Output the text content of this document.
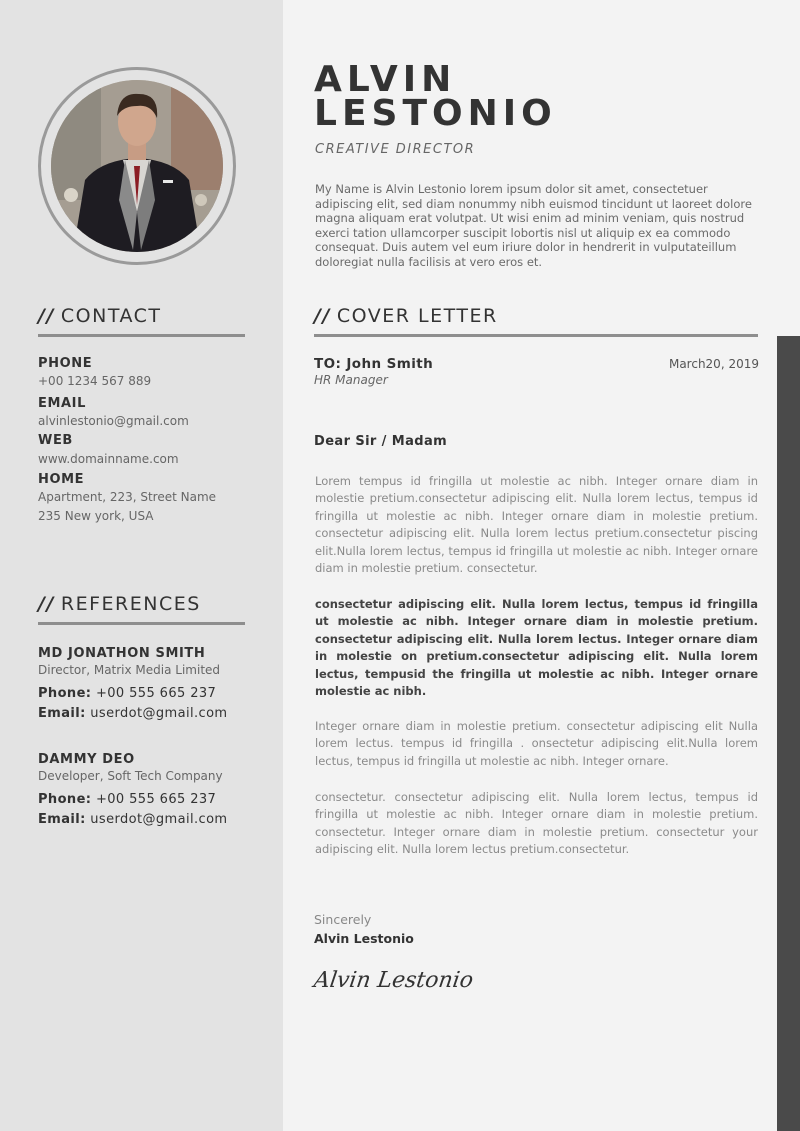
ALVIN
LESTONIO
CREATIVE DIRECTOR
My Name is Alvin Lestonio lorem ipsum dolor sit amet, consectetuer adipiscing elit, sed diam nonummy nibh euismod tincidunt ut laoreet dolore magna aliquam erat volutpat. Ut wisi enim ad minim veniam, quis nostrud exerci tation ullamcorper suscipit lobortis nisl ut aliquip ex ea commodo consequat. Duis autem vel eum iriure dolor in hendrerit in vulputateillum doloregiat nulla facilisis at vero eros et.
// CONTACT
PHONE
+00 1234 567 889
EMAIL
alvinlestonio@gmail.com
WEB
www.domainname.com
HOME
Apartment, 223, Street Name
235 New york, USA
// REFERENCES
MD JONATHON SMITH
Director, Matrix Media Limited
Phone: +00 555 665 237
Email: userdot@gmail.com
DAMMY DEO
Developer, Soft Tech Company
Phone: +00 555 665 237
Email: userdot@gmail.com
// COVER LETTER
TO: John Smith
HR Manager
March20, 2019
Dear Sir / Madam
Lorem tempus id fringilla ut molestie ac nibh. Integer ornare diam in molestie pretium.consectetur adipiscing elit. Nulla lorem lectus, tempus id fringilla ut molestie ac nibh. Integer ornare diam in molestie pretium. consectetur adipiscing elit. Nulla lorem lectus pretium.consectetur piscing elit.Nulla lorem lectus, tempus id fringilla ut molestie ac nibh. Integer ornare diam in molestie pretium. consectetur.
consectetur adipiscing elit. Nulla lorem lectus, tempus id fringilla ut molestie ac nibh. Integer ornare diam in molestie pretium. consectetur adipiscing elit. Nulla lorem lectus. Integer ornare diam in molestie on pretium.consectetur adipiscing elit. Nulla lorem lectus, tempusid the fringilla ut molestie ac nibh. Integer ornare molestie ac nibh.
Integer ornare diam in molestie pretium. consectetur adipiscing elit Nulla lorem lectus. tempus id fringilla . onsectetur adipiscing elit.Nulla lorem lectus, tempus id fringilla ut molestie ac nibh. Integer ornare.
consectetur. consectetur adipiscing elit. Nulla lorem lectus, tempus id fringilla ut molestie ac nibh. Integer ornare diam in molestie pretium. consectetur. Integer ornare diam in molestie pretium. consectetur your adipiscing elit. Nulla lorem lectus pretium.consectetur.
Sincerely
Alvin Lestonio
Alvin Lestonio
